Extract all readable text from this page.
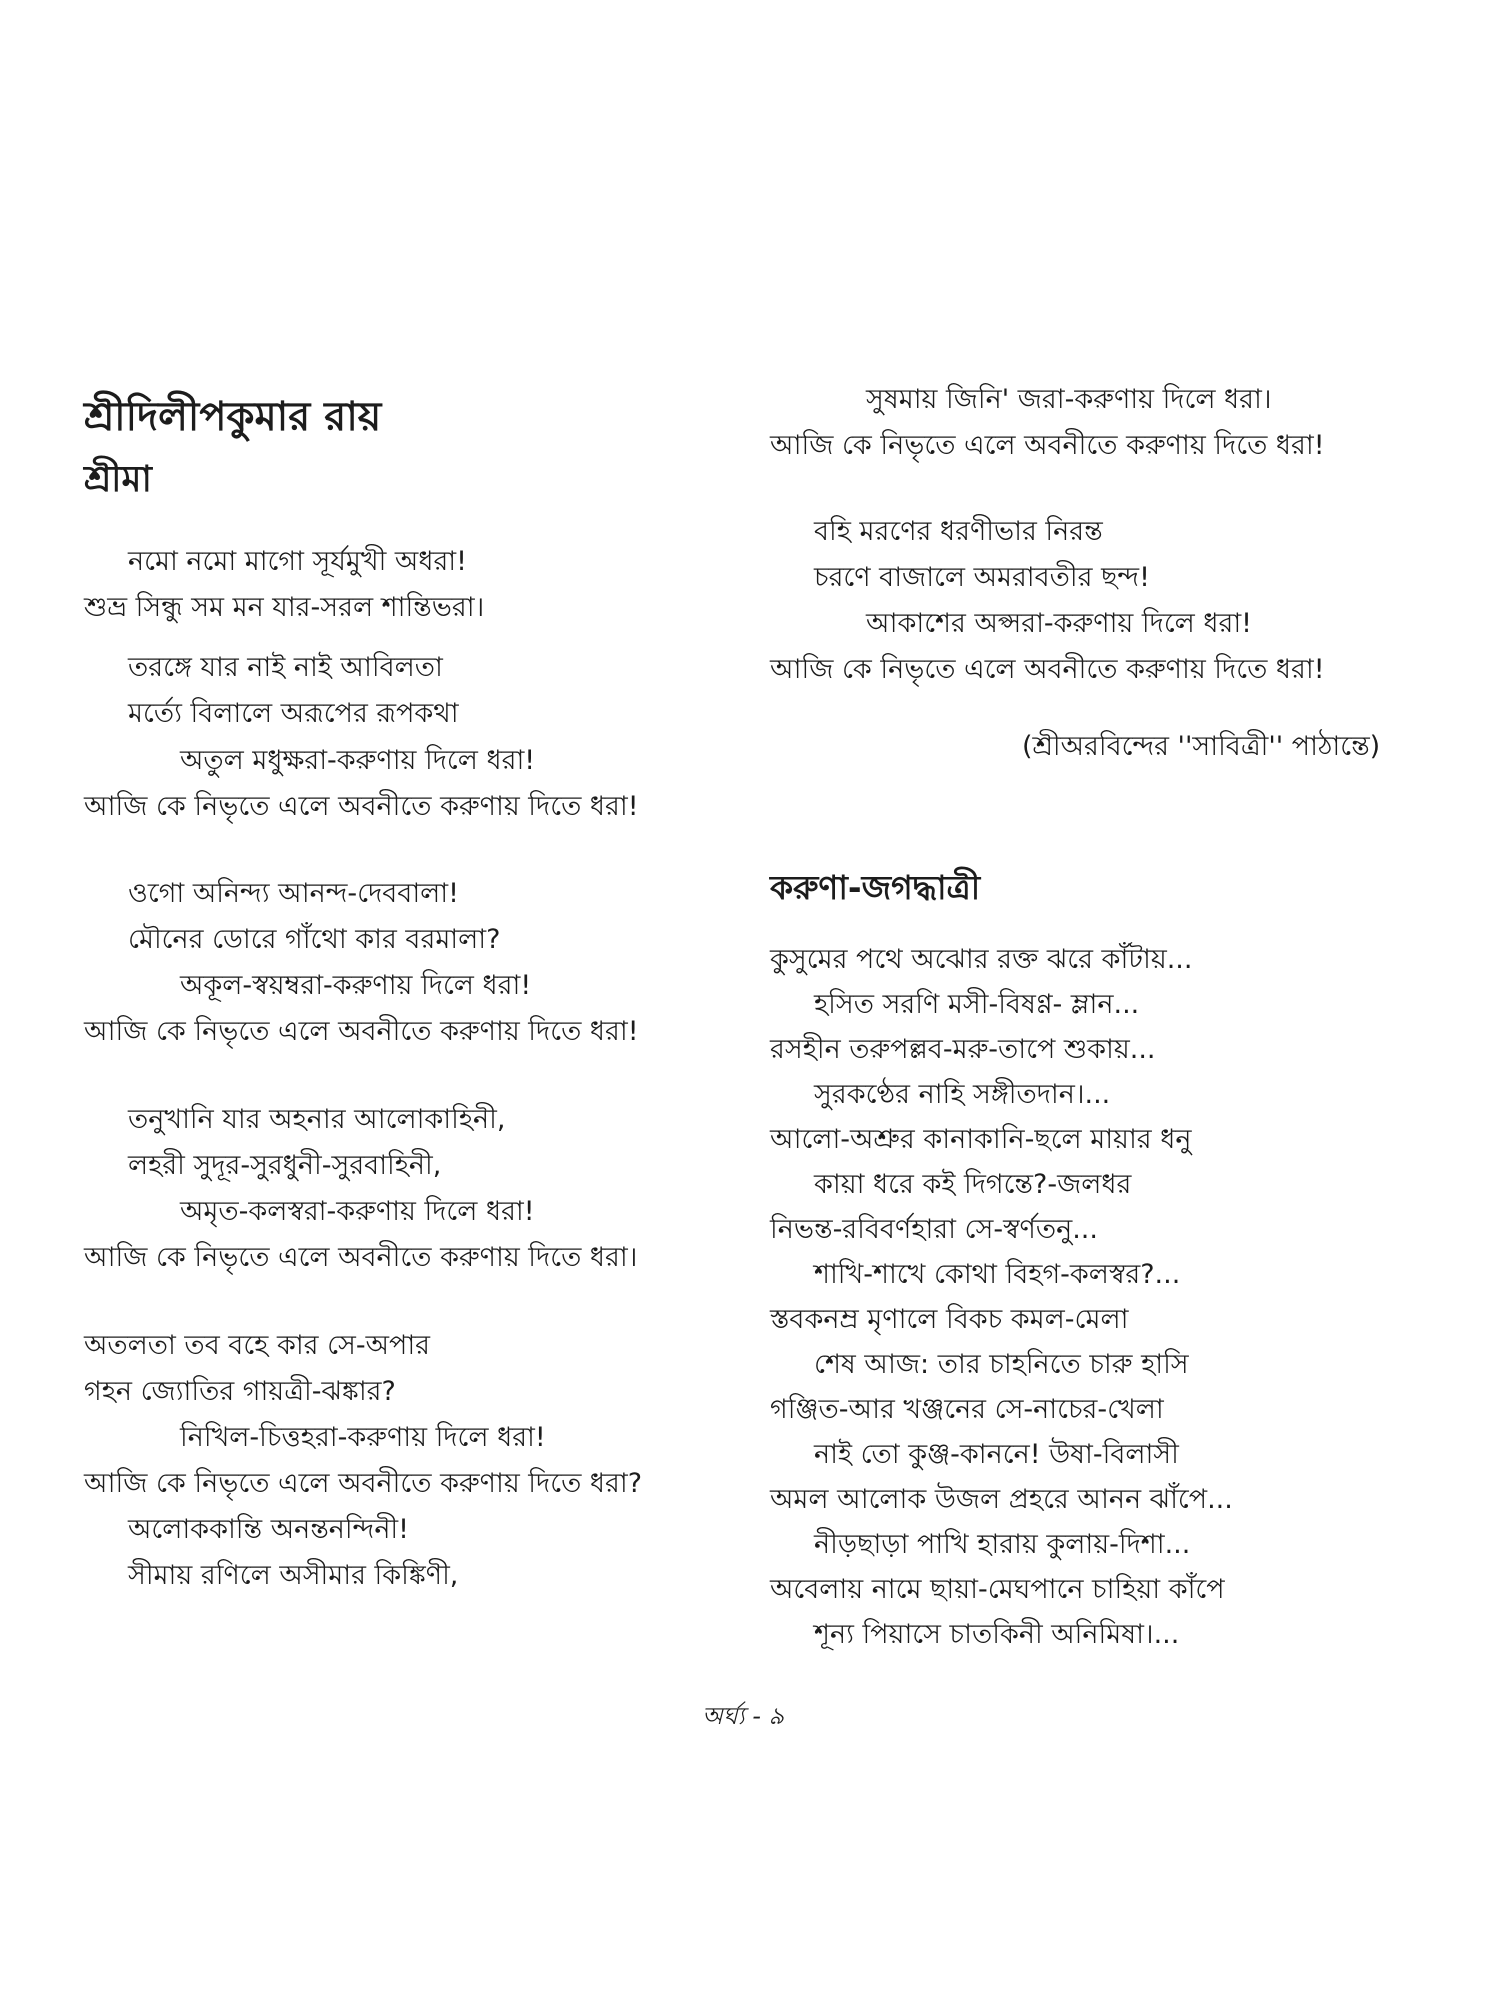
শ্রীদিলীপকুমার রায়
শ্রীমা
নমো নমো মাগো সূর্যমুখী অধরা!
শুভ্র সিন্ধু সম মন যার-সরল শান্তিভরা।
তরঙ্গে যার নাই নাই আবিলতা
মর্ত্যে বিলালে অরূপের রূপকথা
অতুল মধুক্ষরা-করুণায় দিলে ধরা!
আজি কে নিভৃতে এলে অবনীতে করুণায় দিতে ধরা!
ওগো অনিন্দ্য আনন্দ-দেববালা!
মৌনের ডোরে গাঁথো কার বরমালা?
অকূল-স্বয়ম্বরা-করুণায় দিলে ধরা!
আজি কে নিভৃতে এলে অবনীতে করুণায় দিতে ধরা!
তনুখানি যার অহনার আলোকাহিনী,
লহরী সুদূর-সুরধুনী-সুরবাহিনী,
অমৃত-কলস্বরা-করুণায় দিলে ধরা!
আজি কে নিভৃতে এলে অবনীতে করুণায় দিতে ধরা।
অতলতা তব বহে কার সে-অপার
গহন জ্যোতির গায়ত্রী-ঝঙ্কার?
নিখিল-চিত্তহরা-করুণায় দিলে ধরা!
আজি কে নিভৃতে এলে অবনীতে করুণায় দিতে ধরা?
অলোককান্তি অনন্তনন্দিনী!
সীমায় রণিলে অসীমার কিঙ্কিণী,
সুষমায় জিনি' জরা-করুণায় দিলে ধরা।
আজি কে নিভৃতে এলে অবনীতে করুণায় দিতে ধরা!
বহি মরণের ধরণীভার নিরন্ত
চরণে বাজালে অমরাবতীর ছন্দ!
আকাশের অপ্সরা-করুণায় দিলে ধরা!
আজি কে নিভৃতে এলে অবনীতে করুণায় দিতে ধরা!
(শ্রীঅরবিন্দের ''সাবিত্রী'' পাঠান্তে)
করুণা-জগদ্ধাত্রী
কুসুমের পথে অঝোর রক্ত ঝরে কাঁটায়...
হসিত সরণি মসী-বিষণ্ণ- ম্লান...
রসহীন তরুপল্লব-মরু-তাপে শুকায়...
সুরকণ্ঠের নাহি সঙ্গীতদান।...
আলো-অশ্রুর কানাকানি-ছলে মায়ার ধনু
কায়া ধরে কই দিগন্তে?-জলধর
নিভন্ত-রবিবর্ণহারা সে-স্বর্ণতনু...
শাখি-শাখে কোথা বিহগ-কলস্বর?...
স্তবকনম্র মৃণালে বিকচ কমল-মেলা
শেষ আজ: তার চাহনিতে চারু হাসি
গঞ্জিত-আর খঞ্জনের সে-নাচের-খেলা
নাই তো কুঞ্জ-কাননে! উষা-বিলাসী
অমল আলোক উজল প্রহরে আনন ঝাঁপে...
নীড়ছাড়া পাখি হারায় কুলায়-দিশা...
অবেলায় নামে ছায়া-মেঘপানে চাহিয়া কাঁপে
শূন্য পিয়াসে চাতকিনী অনিমিষা।...
অর্ঘ্য - ৯
